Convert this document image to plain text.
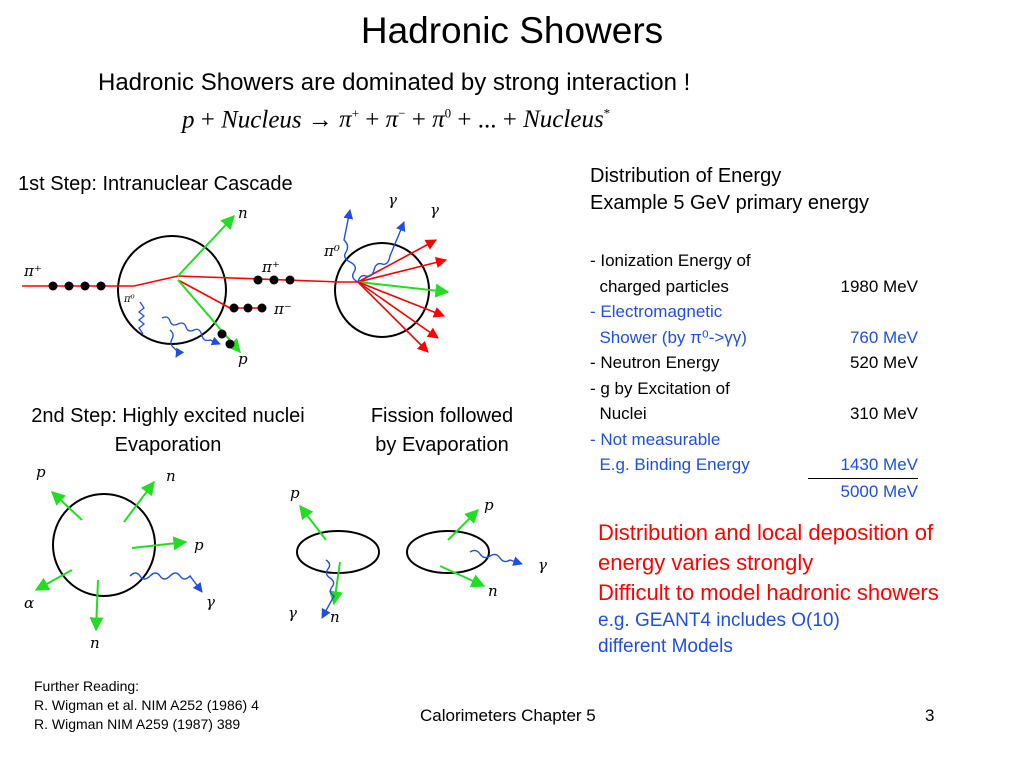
Hadronic Showers
Hadronic Showers are dominated by strong interaction !
p + Nucleus → $\pi^+ + \pi^- + \pi^0$ + ... + Nucleus*
1st Step: Intranuclear Cascade
2nd Step: Highly excited nuclei
Evaporation
Fission followed
by Evaporation
π⁺	π⁺
π⁻
π⁰
π⁰
n
p
γ
γ
p	n
p
α
n
γ
p
γ n
p
γ
n
Distribution of Energy
Example 5 GeV primary energy
- Ionization Energy of
charged particles	1980 MeV
- Electromagnetic
Shower (by π⁰->γγ)	760 MeV
- Neutron Energy	520 MeV
- g by Excitation of
Nuclei	310 MeV
- Not measurable
E.g. Binding Energy	1430 MeV
5000 MeV
Distribution and local deposition of
energy varies strongly
Difficult to model hadronic showers
e.g. GEANT4 includes O(10)
different Models
Further Reading:
R. Wigman et al. NIM A252 (1986) 4
R. Wigman NIM A259 (1987) 389	Calorimeters Chapter 5	3
